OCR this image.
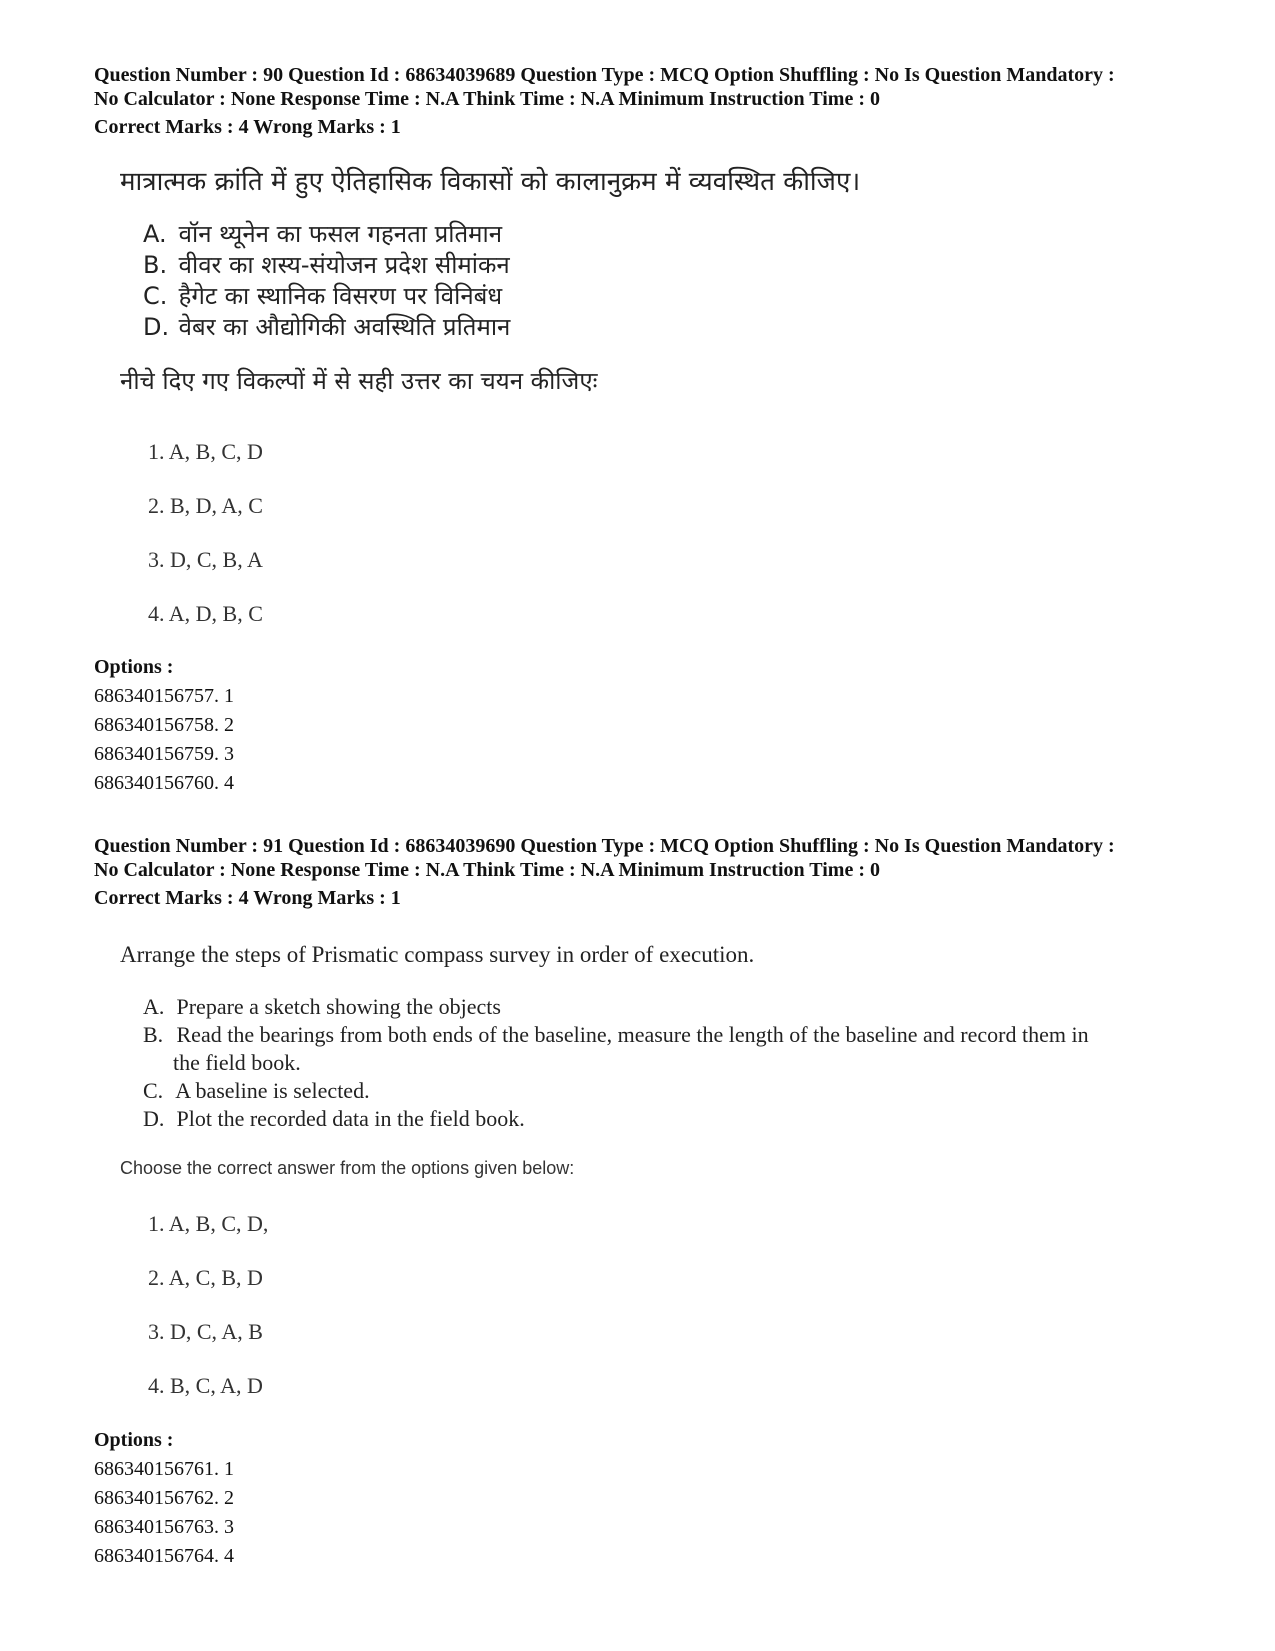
Question Number : 90 Question Id : 68634039689 Question Type : MCQ Option Shuffling : No Is Question Mandatory :
No Calculator : None Response Time : N.A Think Time : N.A Minimum Instruction Time : 0
Correct Marks : 4 Wrong Marks : 1
मात्रात्मक क्रांति में हुए ऐतिहासिक विकासों को कालानुक्रम में व्यवस्थित कीजिए।
A. वॉन थ्यूनेन का फसल गहनता प्रतिमान
B. वीवर का शस्य-संयोजन प्रदेश सीमांकन
C. हैगेट का स्थानिक विसरण पर विनिबंध
D. वेबर का औद्योगिकी अवस्थिति प्रतिमान
नीचे दिए गए विकल्पों में से सही उत्तर का चयन कीजिएः
1. A, B, C, D
2. B, D, A, C
3. D, C, B, A
4. A, D, B, C
Options :
686340156757. 1
686340156758. 2
686340156759. 3
686340156760. 4
Question Number : 91 Question Id : 68634039690 Question Type : MCQ Option Shuffling : No Is Question Mandatory :
No Calculator : None Response Time : N.A Think Time : N.A Minimum Instruction Time : 0
Correct Marks : 4 Wrong Marks : 1
Arrange the steps of Prismatic compass survey in order of execution.
A. Prepare a sketch showing the objects
B. Read the bearings from both ends of the baseline, measure the length of the baseline and record them in
the field book.
C. A baseline is selected.
D. Plot the recorded data in the field book.
Choose the correct answer from the options given below:
1. A, B, C, D,
2. A, C, B, D
3. D, C, A, B
4. B, C, A, D
Options :
686340156761. 1
686340156762. 2
686340156763. 3
686340156764. 4
